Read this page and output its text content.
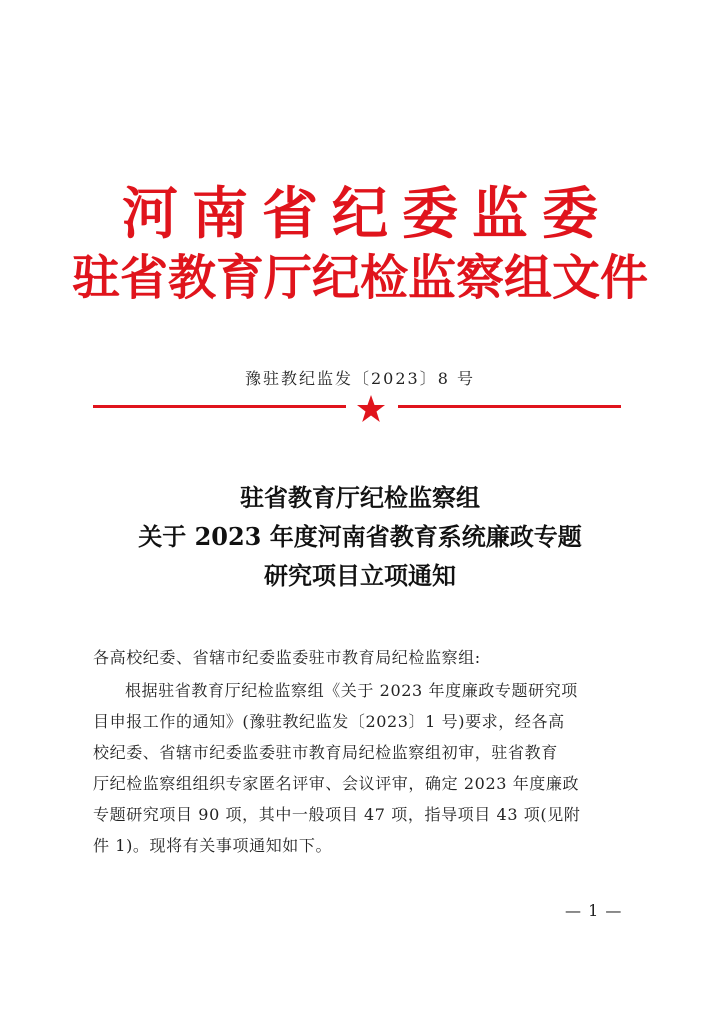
河南省纪委监委
驻省教育厅纪检监察组文件
豫驻教纪监发〔2023〕8 号
驻省教育厅纪检监察组
关于 2023 年度河南省教育系统廉政专题
研究项目立项通知
各高校纪委、省辖市纪委监委驻市教育局纪检监察组:
根据驻省教育厅纪检监察组《关于 2023 年度廉政专题研究项
目申报工作的通知》(豫驻教纪监发〔2023〕1 号)要求，经各高
校纪委、省辖市纪委监委驻市教育局纪检监察组初审，驻省教育
厅纪检监察组组织专家匿名评审、会议评审，确定 2023 年度廉政
专题研究项目 90 项，其中一般项目 47 项，指导项目 43 项(见附
件 1)。现将有关事项通知如下。
— 1 —
